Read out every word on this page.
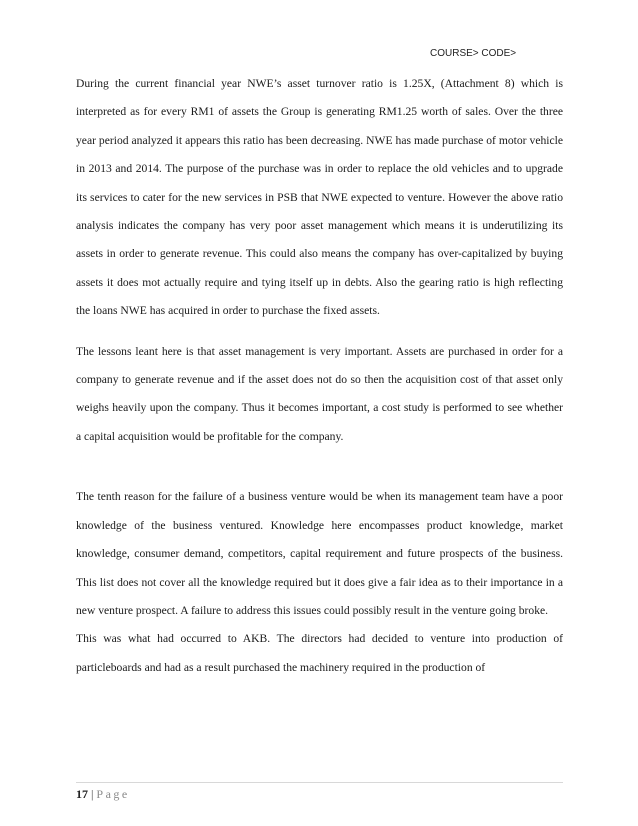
COURSE> CODE>

During the current financial year NWE’s asset turnover ratio is 1.25X, (Attachment 8) which is interpreted as for every RM1 of assets the Group is generating RM1.25 worth of sales. Over the three year period analyzed it appears this ratio has been decreasing. NWE has made purchase of motor vehicle in 2013 and 2014. The purpose of the purchase was in order to replace the old vehicles and to upgrade its services to cater for the new services in PSB that NWE expected to venture. However the above ratio analysis indicates the company has very poor asset management which means it is underutilizing its assets in order to generate revenue. This could also means the company has over-capitalized by buying assets it does mot actually require and tying itself up in debts. Also the gearing ratio is high reflecting the loans NWE has acquired in order to purchase the fixed assets.

The lessons leant here is that asset management is very important. Assets are purchased in order for a company to generate revenue and if the asset does not do so then the acquisition cost of that asset only weighs heavily upon the company. Thus it becomes important, a cost study is performed to see whether a capital acquisition would be profitable for the company.

The tenth reason for the failure of a business venture would be when its management team have a poor knowledge of the business ventured. Knowledge here encompasses product knowledge, market knowledge, consumer demand, competitors, capital requirement and future prospects of the business. This list does not cover all the knowledge required but it does give a fair idea as to their importance in a new venture prospect. A failure to address this issues could possibly result in the venture going broke.

This was what had occurred to AKB. The directors had decided to venture into production of particleboards and had as a result purchased the machinery required in the production of

17 | Page
